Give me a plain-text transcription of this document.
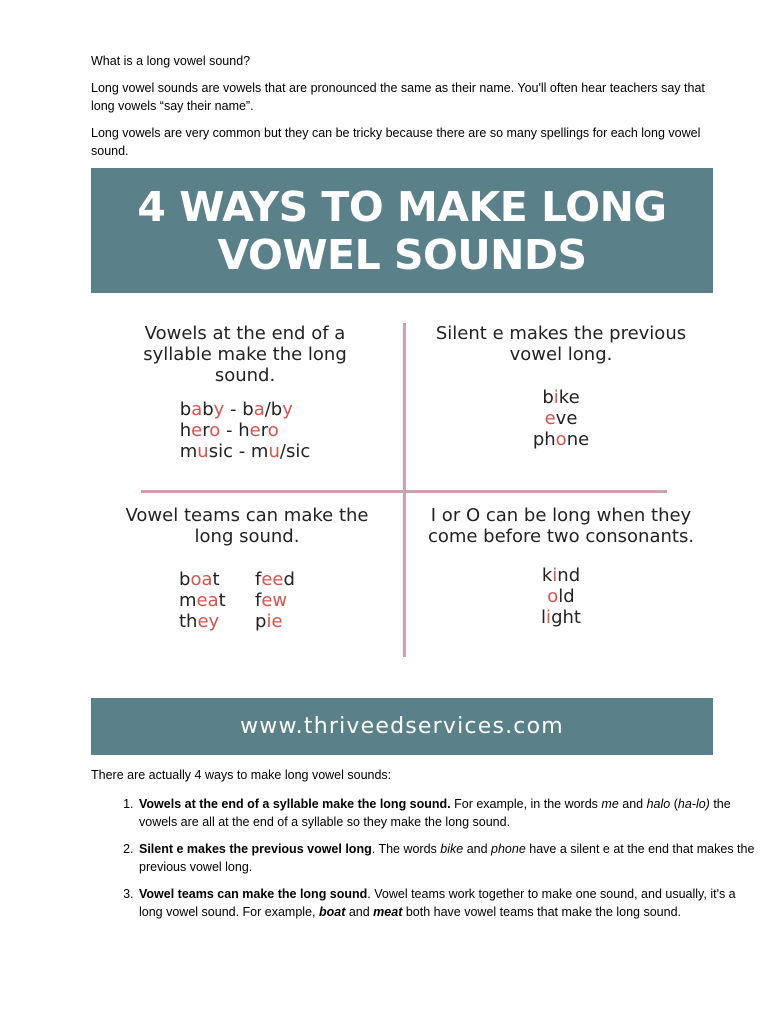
What is a long vowel sound?

Long vowel sounds are vowels that are pronounced the same as their name. You'll often hear teachers say that long vowels “say their name”.

Long vowels are very common but they can be tricky because there are so many spellings for each long vowel sound.

4 WAYS TO MAKE LONG
VOWEL SOUNDS
Vowels at the end of a syllable make the long sound.
baby - ba/by
hero - hero
music - mu/sic
Silent e makes the previous vowel long.
bike
eve
phone
Vowel teams can make the long sound.
boat	feed
meat	few
they	pie
I or O can be long when they come before two consonants.
kind
old
light
www.thriveedservices.com

There are actually 4 ways to make long vowel sounds:

1. Vowels at the end of a syllable make the long sound. For example, in the words me and halo (ha-lo) the vowels are all at the end of a syllable so they make the long sound.
2. Silent e makes the previous vowel long. The words bike and phone have a silent e at the end that makes the previous vowel long.
3. Vowel teams can make the long sound. Vowel teams work together to make one sound, and usually, it's a long vowel sound. For example, boat and meat both have vowel teams that make the long sound.
